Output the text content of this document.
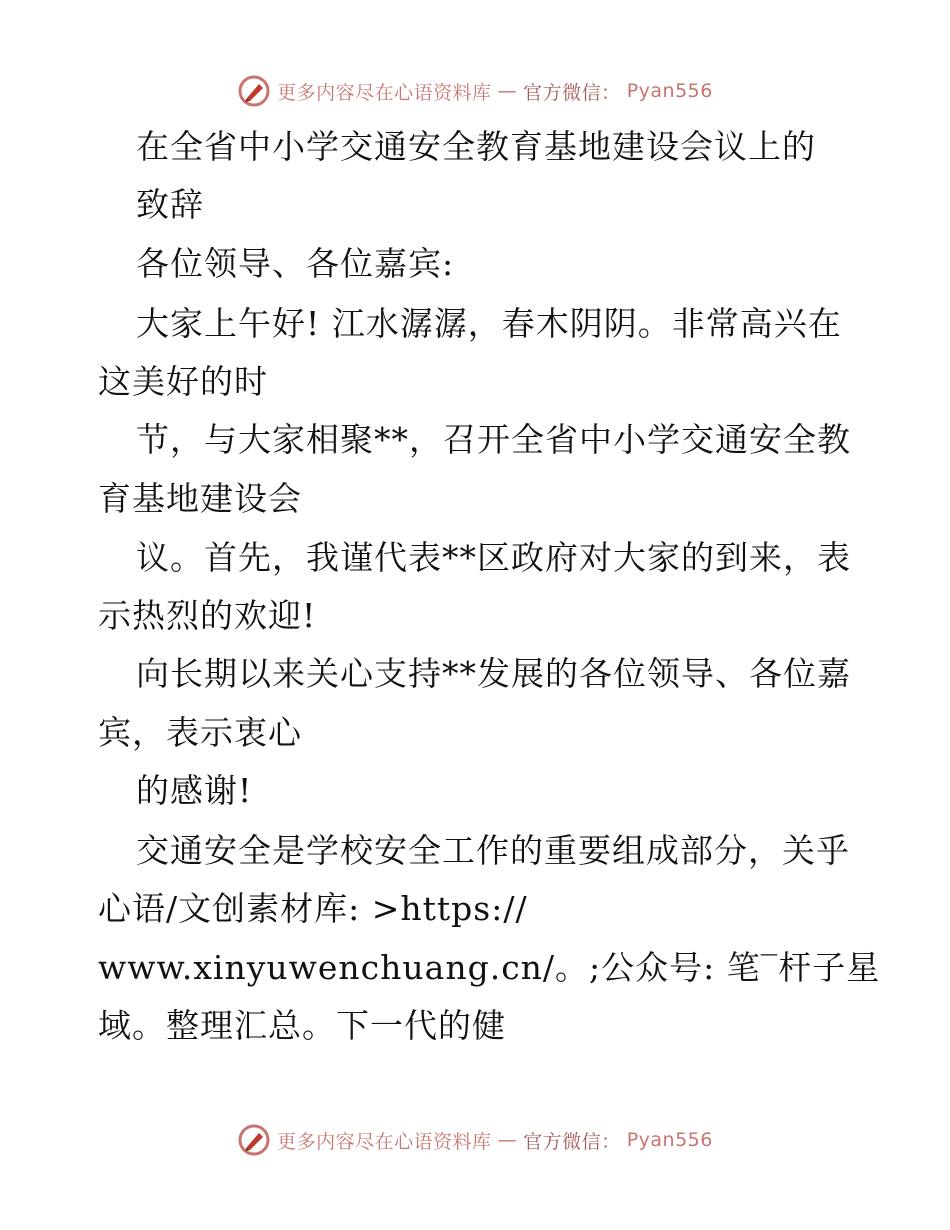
更多内容尽在心语资料库 — 官方微信： Pyan556
在全省中小学交通安全教育基地建设会议上的
致辞
各位领导、各位嘉宾:
大家上午好! 江水潺潺，春木阴阴。非常高兴在
这美好的时
节，与大家相聚**，召开全省中小学交通安全教
育基地建设会
议。首先，我谨代表**区政府对大家的到来，表
示热烈的欢迎!
向长期以来关心支持**发展的各位领导、各位嘉
宾，表示衷心
的感谢!
交通安全是学校安全工作的重要组成部分，关乎
心语/文创素材库: >https://
www.xinyuwenchuang.cn/。;公众号: 笔‾杆子星
域。整理汇总。下一代的健
更多内容尽在心语资料库 — 官方微信： Pyan556
